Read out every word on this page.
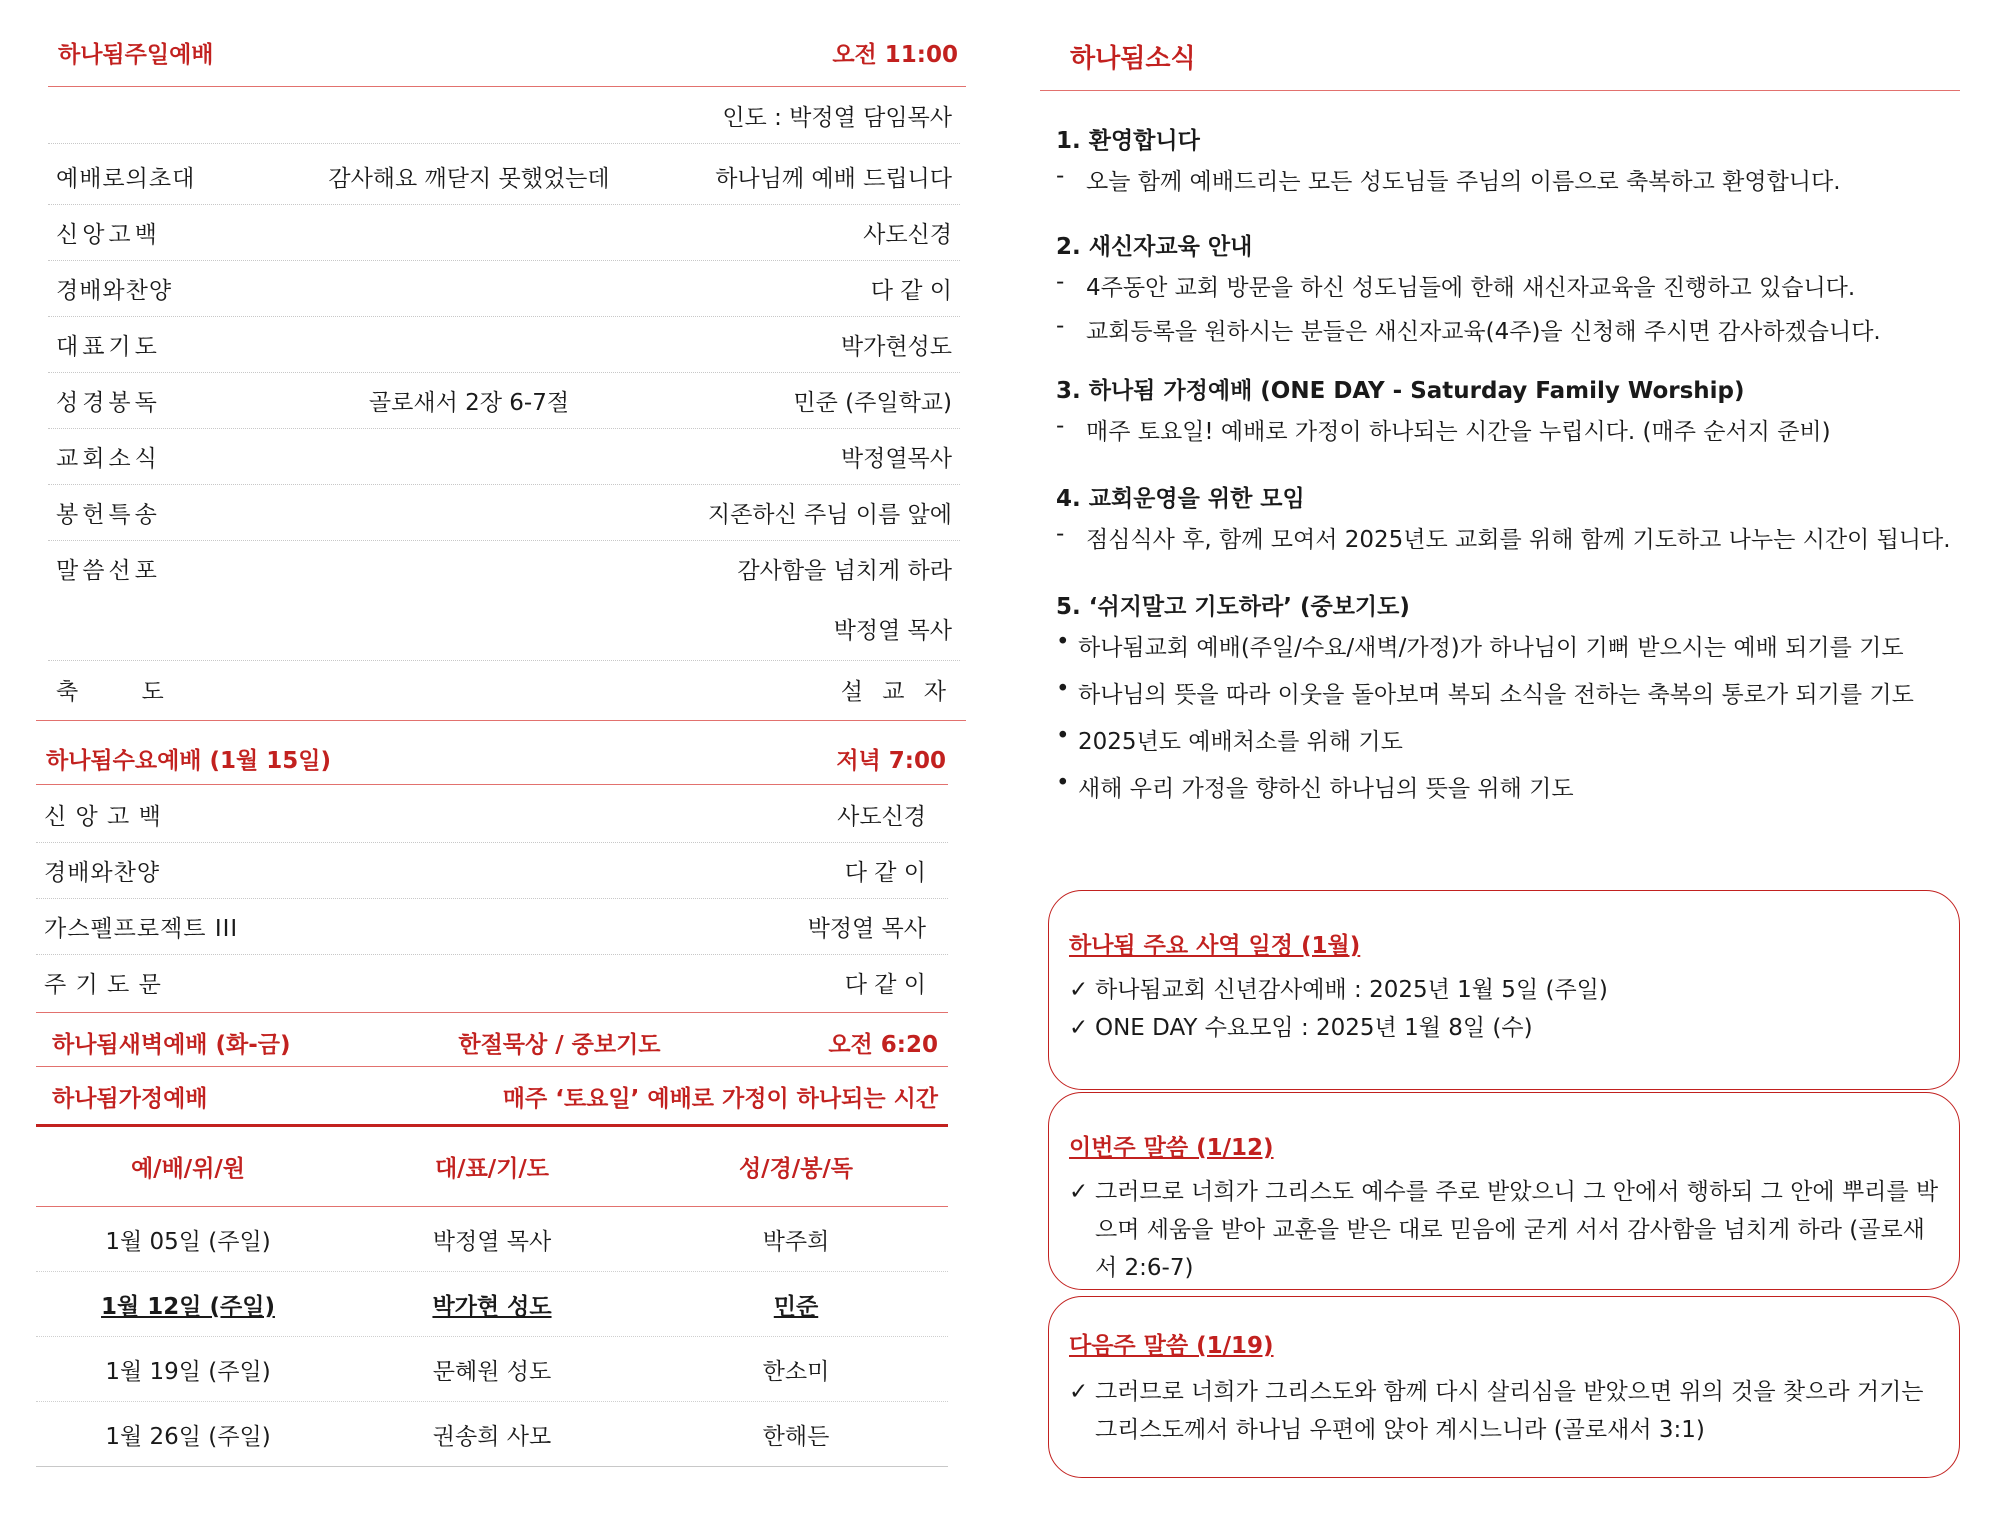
하나됨주일예배	오전 11:00
인도 : 박정열 담임목사
예배로의초대	감사해요 깨닫지 못했었는데	하나님께 예배 드립니다
신앙고백	사도신경
경배와찬양	다 같 이
대표기도	박가현성도
성경봉독	골로새서 2장 6-7절	민준 (주일학교)
교회소식	박정열목사
봉헌특송	지존하신 주님 이름 앞에
말씀선포	감사함을 넘치게 하라
박정열 목사
축 도	설 교 자
하나됨수요예배 (1월 15일)	저녁 7:00
신 앙 고 백	사도신경
경배와찬양	다 같 이
가스펠프로젝트 III	박정열 목사
주 기 도 문	다 같 이
하나됨새벽예배 (화-금)	한절묵상 / 중보기도	오전 6:20
하나됨가정예배	매주 ‘토요일’ 예배로 가정이 하나되는 시간
예/배/위/원	대/표/기/도	성/경/봉/독
1월 05일 (주일)	박정열 목사	박주희
1월 12일 (주일)	박가현 성도	민준
1월 19일 (주일)	문혜원 성도	한소미
1월 26일 (주일)	권송희 사모	한해든
하나됨소식
1. 환영합니다
- 오늘 함께 예배드리는 모든 성도님들 주님의 이름으로 축복하고 환영합니다.
2. 새신자교육 안내
- 4주동안 교회 방문을 하신 성도님들에 한해 새신자교육을 진행하고 있습니다.
- 교회등록을 원하시는 분들은 새신자교육(4주)을 신청해 주시면 감사하겠습니다.
3. 하나됨 가정예배 (ONE DAY - Saturday Family Worship)
- 매주 토요일! 예배로 가정이 하나되는 시간을 누립시다. (매주 순서지 준비)
4. 교회운영을 위한 모임
- 점심식사 후, 함께 모여서 2025년도 교회를 위해 함께 기도하고 나누는 시간이 됩니다.
5. ‘쉬지말고 기도하라’ (중보기도)
• 하나됨교회 예배(주일/수요/새벽/가정)가 하나님이 기뻐 받으시는 예배 되기를 기도
• 하나님의 뜻을 따라 이웃을 돌아보며 복되 소식을 전하는 축복의 통로가 되기를 기도
• 2025년도 예배처소를 위해 기도
• 새해 우리 가정을 향하신 하나님의 뜻을 위해 기도
하나됨 주요 사역 일정 (1월)
✓ 하나됨교회 신년감사예배 : 2025년 1월 5일 (주일)
✓ ONE DAY 수요모임 : 2025년 1월 8일 (수)
이번주 말씀 (1/12)
✓ 그러므로 너희가 그리스도 예수를 주로 받았으니 그 안에서 행하되 그 안에 뿌리를 박으며 세움을 받아 교훈을 받은 대로 믿음에 굳게 서서 감사함을 넘치게 하라 (골로새서 2:6-7)
다음주 말씀 (1/19)
✓ 그러므로 너희가 그리스도와 함께 다시 살리심을 받았으면 위의 것을 찾으라 거기는 그리스도께서 하나님 우편에 앉아 계시느니라 (골로새서 3:1)
